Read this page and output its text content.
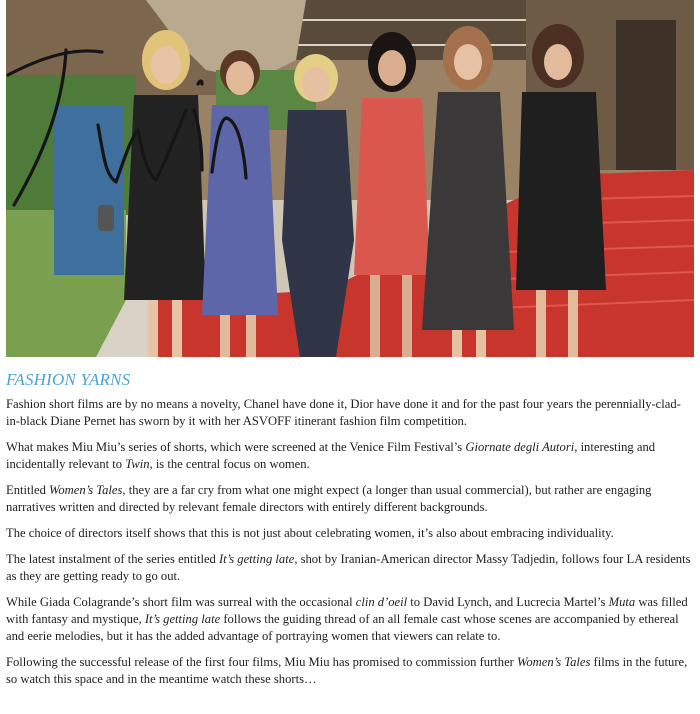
FASHION YARNS

Fashion short films are by no means a novelty, Chanel have done it, Dior have done it and for the past four years the perennially-clad-in-black Diane Pernet has sworn by it with her ASVOFF itinerant fashion film competition.

What makes Miu Miu’s series of shorts, which were screened at the Venice Film Festival’s Giornate degli Autori, interesting and incidentally relevant to Twin, is the central focus on women.

Entitled Women’s Tales, they are a far cry from what one might expect (a longer than usual commercial), but rather are engaging narratives written and directed by relevant female directors with entirely different backgrounds.

The choice of directors itself shows that this is not just about celebrating women, it’s also about embracing individuality.

The latest instalment of the series entitled It’s getting late, shot by Iranian-American director Massy Tadjedin, follows four LA residents as they are getting ready to go out.

While Giada Colagrande’s short film was surreal with the occasional clin d’oeil to David Lynch, and Lucrecia Martel’s Muta was filled with fantasy and mystique, It’s getting late follows the guiding thread of an all female cast whose scenes are accompanied by ethereal and eerie melodies, but it has the added advantage of portraying women that viewers can relate to.

Following the successful release of the first four films, Miu Miu has promised to commission further Women’s Tales films in the future, so watch this space and in the meantime watch these shorts…
